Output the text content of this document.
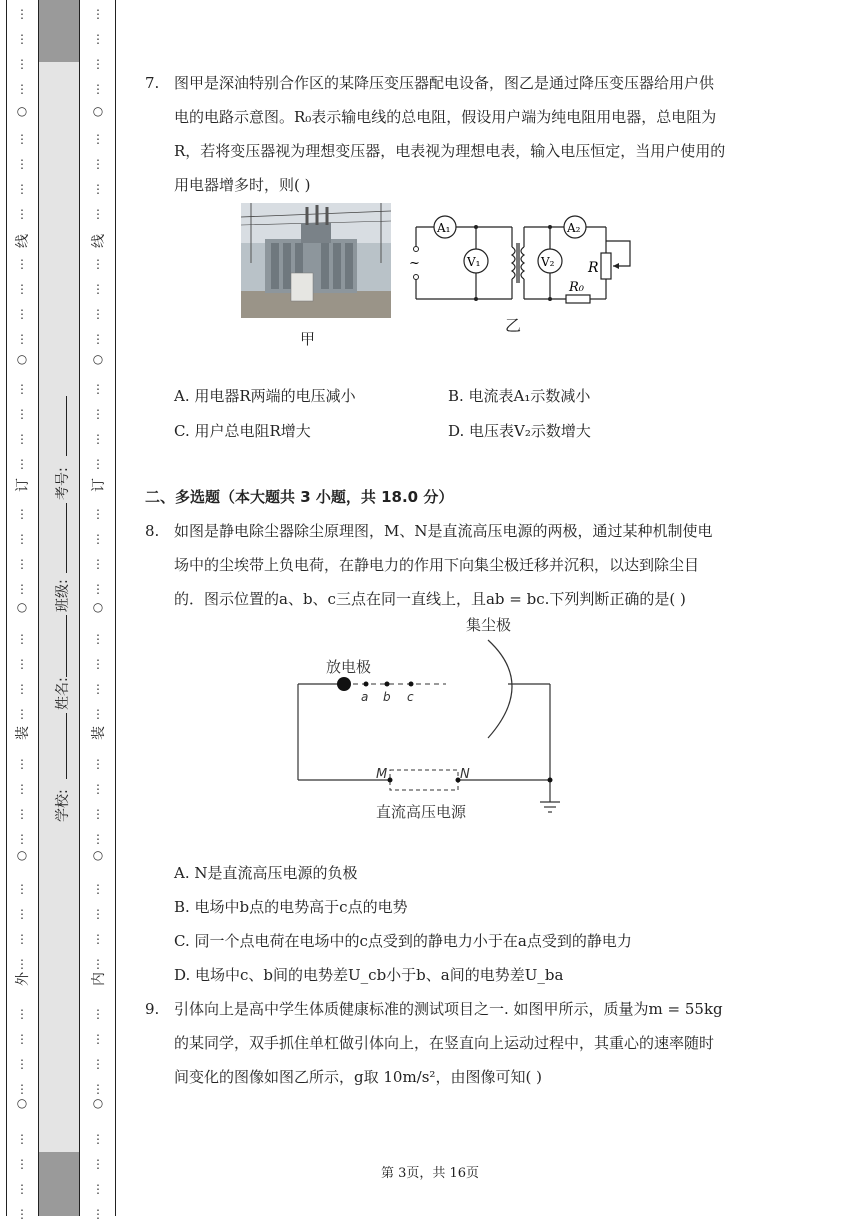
⋮
⋮
⋮
⋮
⋮
⋮
⋮
⋮
⋮
⋮
⋮
⋮
⋮
⋮
⋮
⋮
⋮
⋮
⋮
⋮
⋮
⋮
⋮
⋮
⋮
⋮
⋮
⋮
⋮
⋮
⋮
⋮
⋮
⋮
⋮
⋮
⋮
⋮
⋮
⋮
○
○
○
○
○
⋮
⋮
⋮
⋮
⋮
⋮
⋮
⋮
⋮
⋮
⋮
⋮
⋮
⋮
⋮
⋮
⋮
⋮
⋮
⋮
⋮
⋮
⋮
⋮
⋮
⋮
⋮
⋮
⋮
⋮
⋮
⋮
⋮
⋮
⋮
⋮
⋮
⋮
⋮
⋮
○
○
○
○
○
线
订
装
外
线
订
装
内
考号:
班级:
姓名:
学校:
7. 图甲是深油特别合作区的某降压变压器配电设备，图乙是通过降压变压器给用户供电的电路示意图。R₀表示输电线的总电阻，假设用户端为纯电阻用电器，总电阻为R，若将变压器视为理想变压器，电表视为理想电表，输入电压恒定，当用户使用的用电器增多时，则( )
甲
~
A₁
V₁
A₂
V₂ R
R₀
乙
A. 用电器R两端的电压减小	B. 电流表A₁示数减小
C. 用户总电阻R增大	D. 电压表V₂示数增大
二、多选题（本大题共 3 小题，共 18.0 分）
8. 如图是静电除尘器除尘原理图，M、N是直流高压电源的两极，通过某种机制使电场中的尘埃带上负电荷，在静电力的作用下向集尘极迁移并沉积，以达到除尘目的．图示位置的a、b、c三点在同一直线上，且ab = bc.下列判断正确的是( )
集尘极
放电极
a b c
M	N
直流高压电源
A. N是直流高压电源的负极
B. 电场中b点的电势高于c点的电势
C. 同一个点电荷在电场中的c点受到的静电力小于在a点受到的静电力
D. 电场中c、b间的电势差U_cb小于b、a间的电势差U_ba
9. 引体向上是高中学生体质健康标准的测试项目之一. 如图甲所示，质量为m = 55kg的某同学，双手抓住单杠做引体向上，在竖直向上运动过程中，其重心的速率随时间变化的图像如图乙所示，g取 10m/s²，由图像可知( )
第 3页，共 16页
